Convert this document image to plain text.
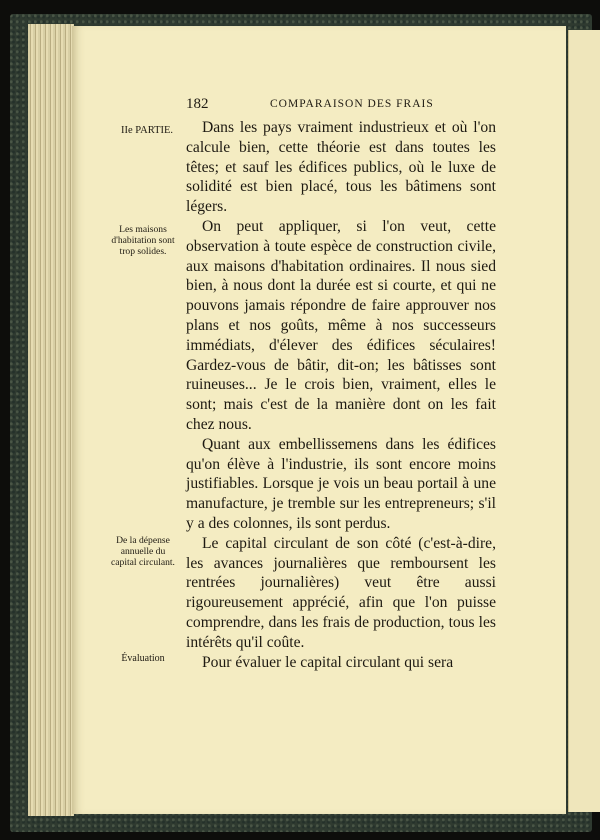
182	COMPARAISON DES FRAIS
IIe PARTIE.
Les maisons d'habitation sont trop solides.
De la dépense annuelle du capital circulant.
Évaluation

Dans les pays vraiment industrieux et où l'on calcule bien, cette théorie est dans toutes les têtes; et sauf les édifices publics, où le luxe de solidité est bien placé, tous les bâtimens sont légers.

On peut appliquer, si l'on veut, cette observation à toute espèce de construction civile, aux maisons d'habitation ordinaires. Il nous sied bien, à nous dont la durée est si courte, et qui ne pouvons jamais répondre de faire approuver nos plans et nos goûts, même à nos successeurs immédiats, d'élever des édifices séculaires! Gardez-vous de bâtir, dit-on; les bâtisses sont ruineuses... Je le crois bien, vraiment, elles le sont; mais c'est de la manière dont on les fait chez nous.

Quant aux embellissemens dans les édifices qu'on élève à l'industrie, ils sont encore moins justifiables. Lorsque je vois un beau portail à une manufacture, je tremble sur les entrepreneurs; s'il y a des colonnes, ils sont perdus.

Le capital circulant de son côté (c'est-à-dire, les avances journalières que remboursent les rentrées journalières) veut être aussi rigoureusement apprécié, afin que l'on puisse comprendre, dans les frais de production, tous les intérêts qu'il coûte.

Pour évaluer le capital circulant qui sera
